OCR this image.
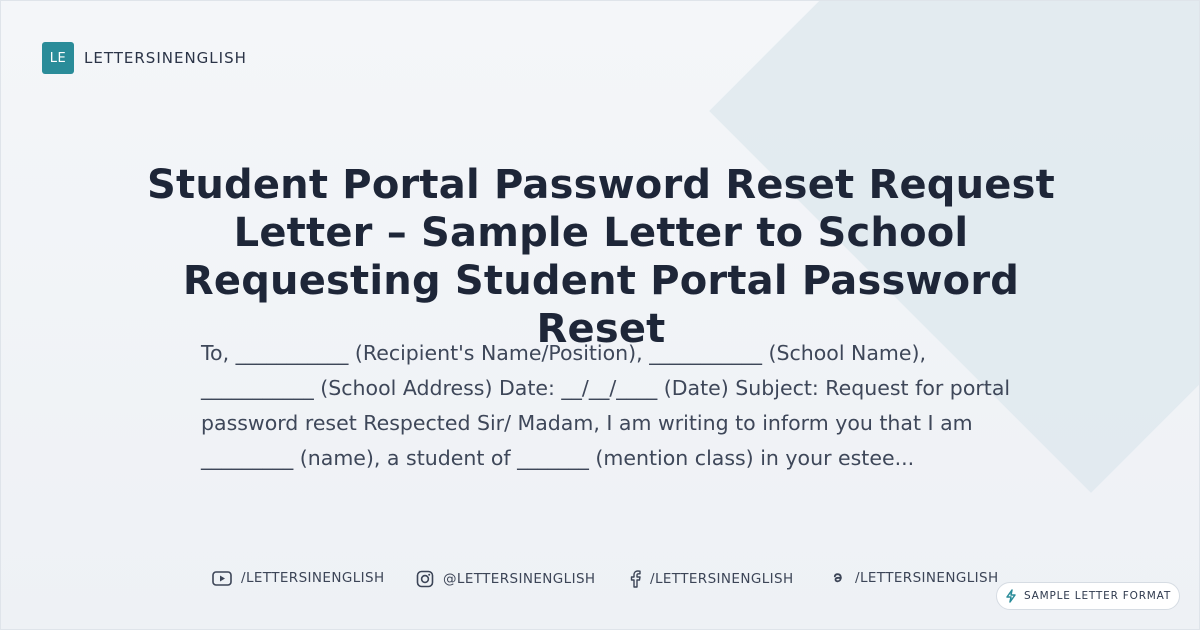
LE	LETTERSINENGLISH
Student Portal Password Reset Request Letter – Sample Letter to School Requesting Student Portal Password Reset

To, ___________ (Recipient's Name/Position), ___________ (School Name), ___________ (School Address) Date: __/__/____ (Date) Subject: Request for portal password reset Respected Sir/ Madam, I am writing to inform you that I am _________ (name), a student of _______ (mention class) in your estee...

/LETTERSINENGLISH	@LETTERSINENGLISH	/LETTERSINENGLISH	/LETTERSINENGLISH
SAMPLE LETTER FORMAT
